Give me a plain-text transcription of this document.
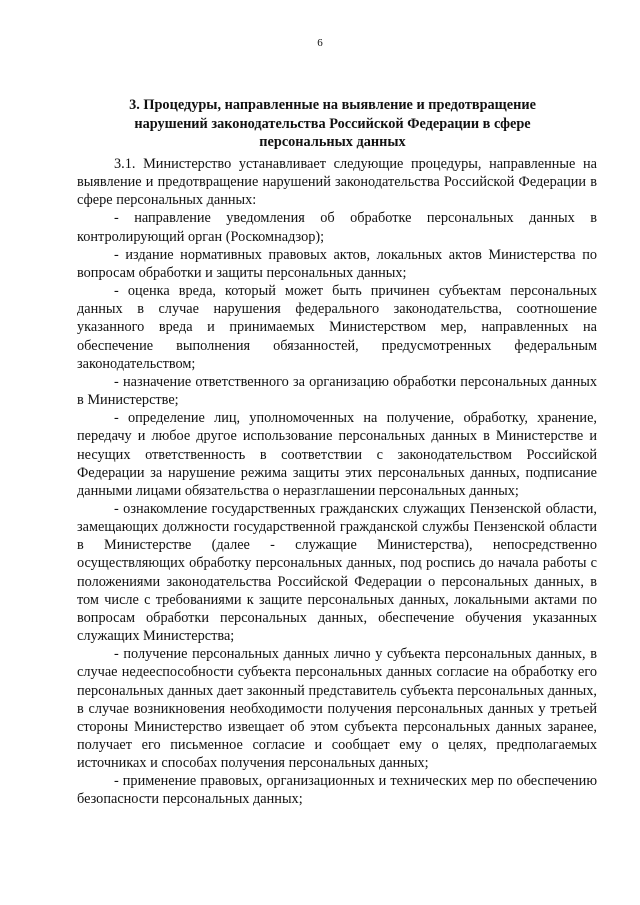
6
3. Процедуры, направленные на выявление и предотвращение нарушений законодательства Российской Федерации в сфере персональных данных

3.1. Министерство устанавливает следующие процедуры, направленные на выявление и предотвращение нарушений законодательства Российской Федерации в сфере персональных данных:

- направление уведомления об обработке персональных данных в контролирующий орган (Роскомнадзор);

- издание нормативных правовых актов, локальных актов Министерства по вопросам обработки и защиты персональных данных;

- оценка вреда, который может быть причинен субъектам персональных данных в случае нарушения федерального законодательства, соотношение указанного вреда и принимаемых Министерством мер, направленных на обеспечение выполнения обязанностей, предусмотренных федеральным законодательством;

- назначение ответственного за организацию обработки персональных данных в Министерстве;

- определение лиц, уполномоченных на получение, обработку, хранение, передачу и любое другое использование персональных данных в Министерстве и несущих ответственность в соответствии с законодательством Российской Федерации за нарушение режима защиты этих персональных данных, подписание данными лицами обязательства о неразглашении персональных данных;

- ознакомление государственных гражданских служащих Пензенской области, замещающих должности государственной гражданской службы Пензенской области в Министерстве (далее - служащие Министерства), непосредственно осуществляющих обработку персональных данных, под роспись до начала работы с положениями законодательства Российской Федерации о персональных данных, в том числе с требованиями к защите персональных данных, локальными актами по вопросам обработки персональных данных, обеспечение обучения указанных служащих Министерства;

- получение персональных данных лично у субъекта персональных данных, в случае недееспособности субъекта персональных данных согласие на обработку его персональных данных дает законный представитель субъекта персональных данных, в случае возникновения необходимости получения персональных данных у третьей стороны Министерство извещает об этом субъекта персональных данных заранее, получает его письменное согласие и сообщает ему о целях, предполагаемых источниках и способах получения персональных данных;

- применение правовых, организационных и технических мер по обеспечению безопасности персональных данных;
